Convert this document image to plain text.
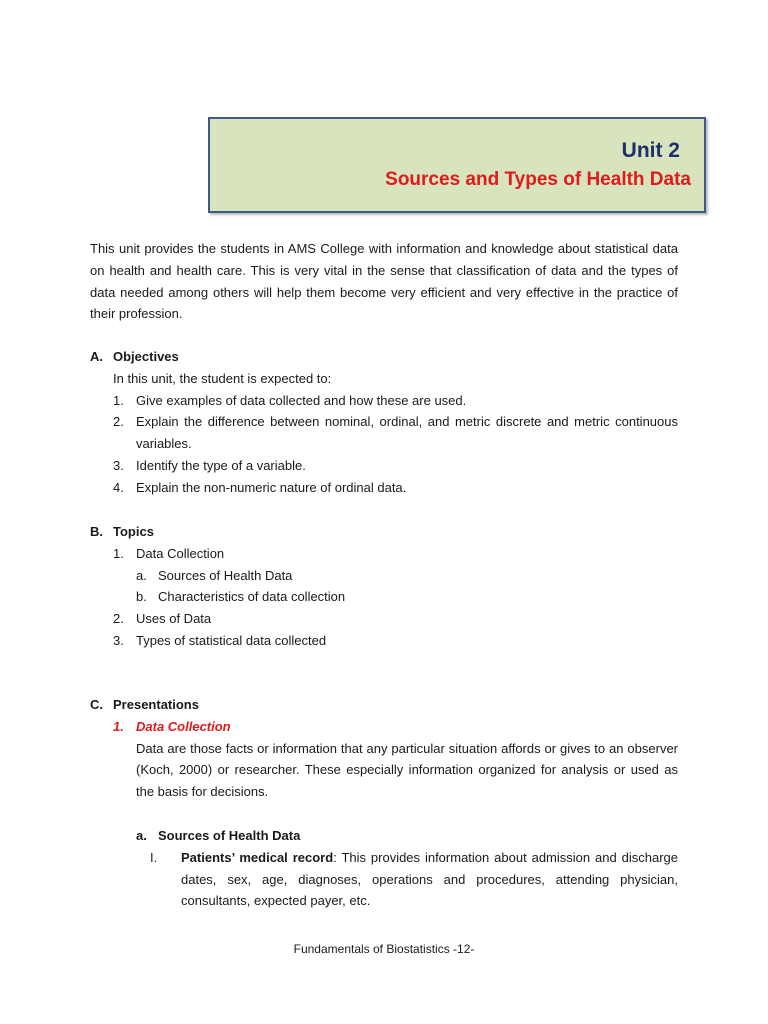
Unit 2
Sources and Types of Health Data

This unit provides the students in AMS College with information and knowledge about statistical data on health and health care. This is very vital in the sense that classification of data and the types of data needed among others will help them become very efficient and very effective in the practice of their profession.

A. Objectives
In this unit, the student is expected to:
1. Give examples of data collected and how these are used.
2. Explain the difference between nominal, ordinal, and metric discrete and metric continuous variables.
3. Identify the type of a variable.
4. Explain the non-numeric nature of ordinal data.
B. Topics
1. Data Collection
a. Sources of Health Data
b. Characteristics of data collection
2. Uses of Data
3. Types of statistical data collected
C. Presentations
1. Data Collection
Data are those facts or information that any particular situation affords or gives to an observer (Koch, 2000) or researcher. These especially information organized for analysis or used as the basis for decisions.
a. Sources of Health Data
I.	Patients’ medical record: This provides information about admission and discharge dates, sex, age, diagnoses, operations and procedures, attending physician, consultants, expected payer, etc.
Fundamentals of Biostatistics -12-
